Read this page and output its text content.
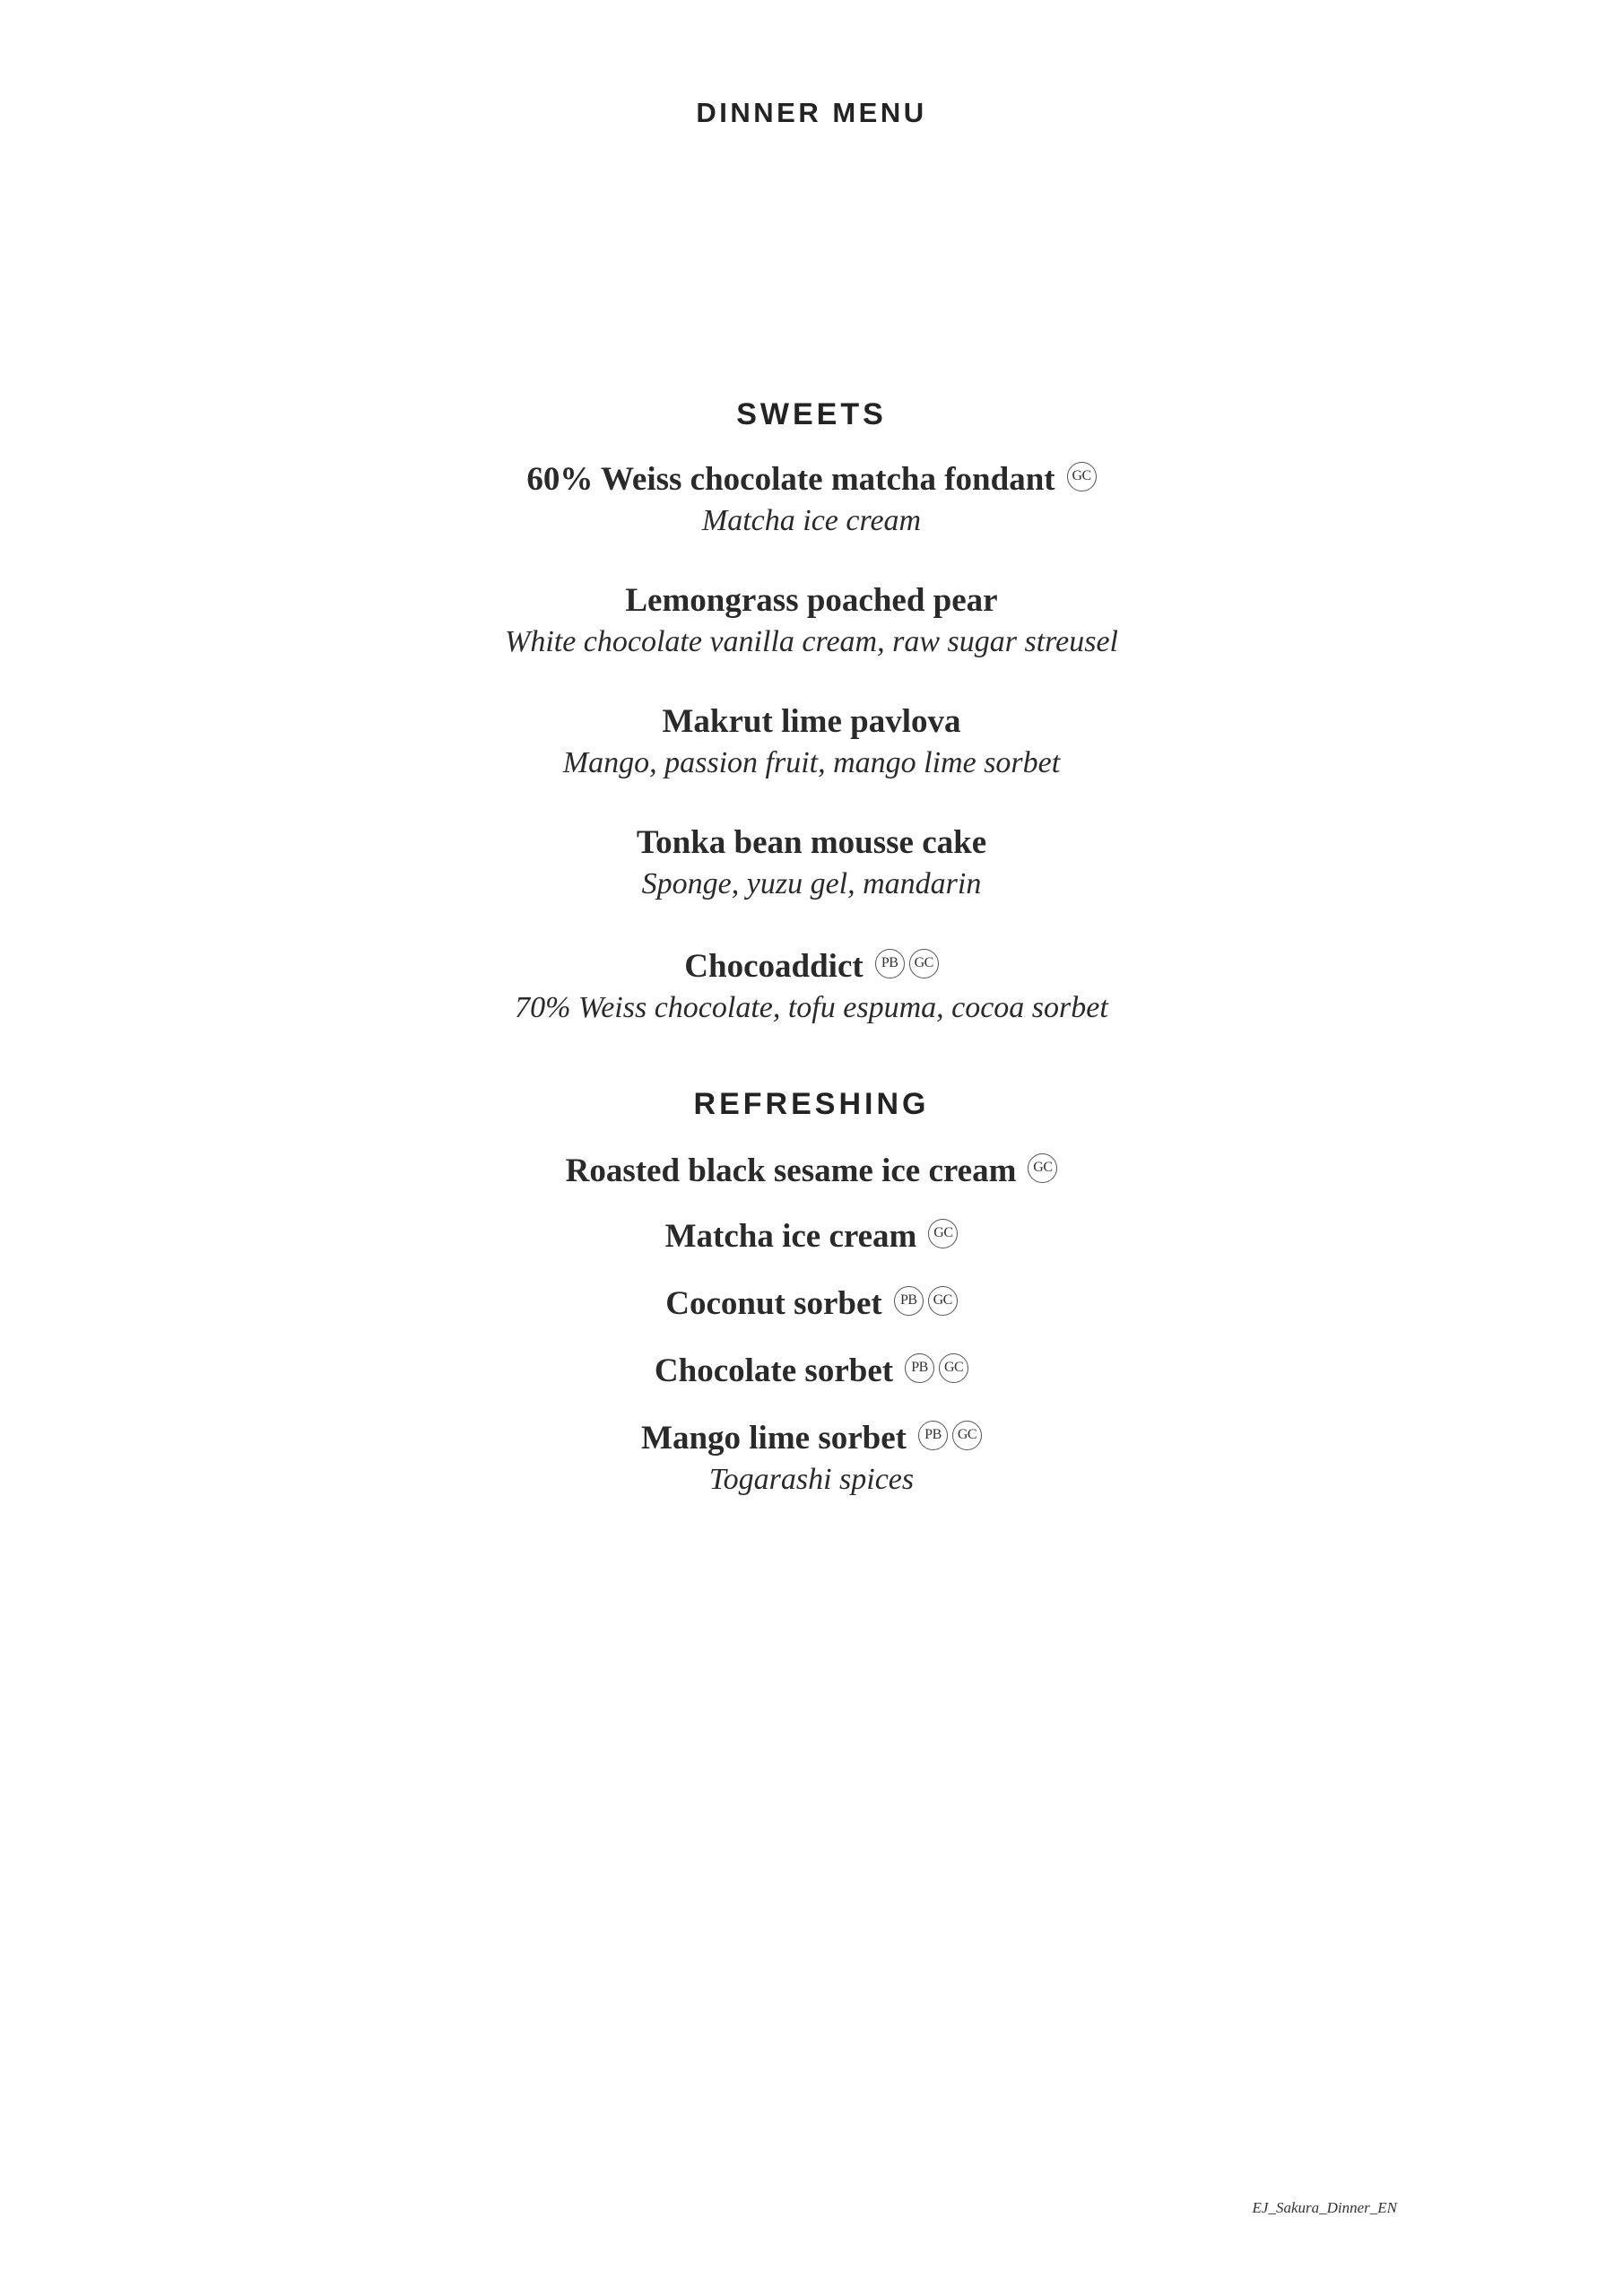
DINNER MENU
SWEETS
60% Weiss chocolate matcha fondant	GC
Matcha ice cream
Lemongrass poached pear
White chocolate vanilla cream, raw sugar streusel
Makrut lime pavlova
Mango, passion fruit, mango lime sorbet
Tonka bean mousse cake
Sponge, yuzu gel, mandarin
Chocoaddict	PB	GC
70% Weiss chocolate, tofu espuma, cocoa sorbet
REFRESHING
Roasted black sesame ice cream	GC
Matcha ice cream	GC
Coconut sorbet	PB	GC
Chocolate sorbet	PB	GC
Mango lime sorbet	PB	GC
Togarashi spices
EJ_Sakura_Dinner_EN
